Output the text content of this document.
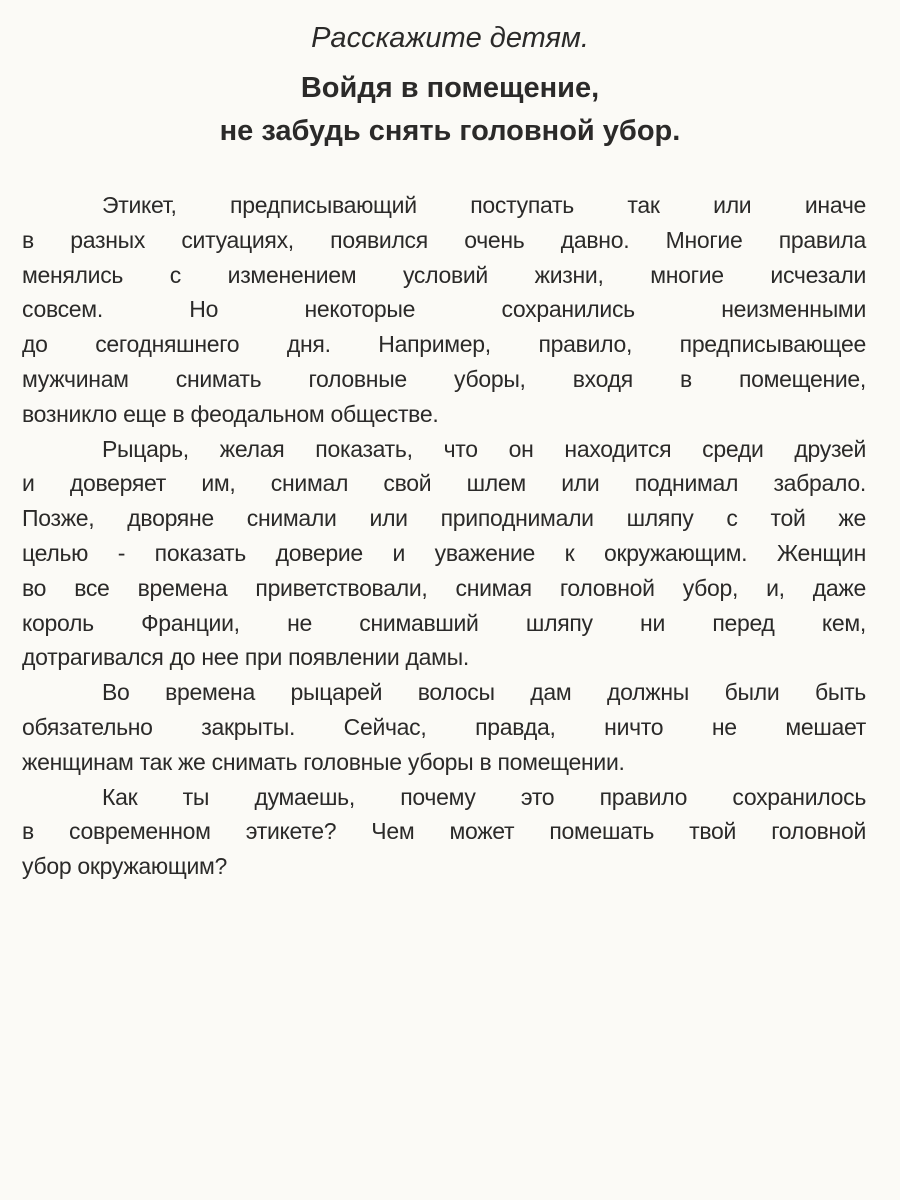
Расскажите детям.
Войдя в помещение,
не забудь снять головной убор.
Этикет, предписывающий поступать так или иначе
в разных ситуациях, появился очень давно. Многие правила
менялись с изменением условий жизни, многие исчезали
совсем. Но некоторые сохранились неизменными
до сегодняшнего дня. Например, правило, предписывающее
мужчинам снимать головные уборы, входя в помещение,
возникло еще в феодальном обществе.
Рыцарь, желая показать, что он находится среди друзей
и доверяет им, снимал свой шлем или поднимал забрало.
Позже, дворяне снимали или приподнимали шляпу с той же
целью - показать доверие и уважение к окружающим. Женщин
во все времена приветствовали, снимая головной убор, и, даже
король Франции, не снимавший шляпу ни перед кем,
дотрагивался до нее при появлении дамы.
Во времена рыцарей волосы дам должны были быть
обязательно закрыты. Сейчас, правда, ничто не мешает
женщинам так же снимать головные уборы в помещении.
Как ты думаешь, почему это правило сохранилось
в современном этикете? Чем может помешать твой головной
убор окружающим?
